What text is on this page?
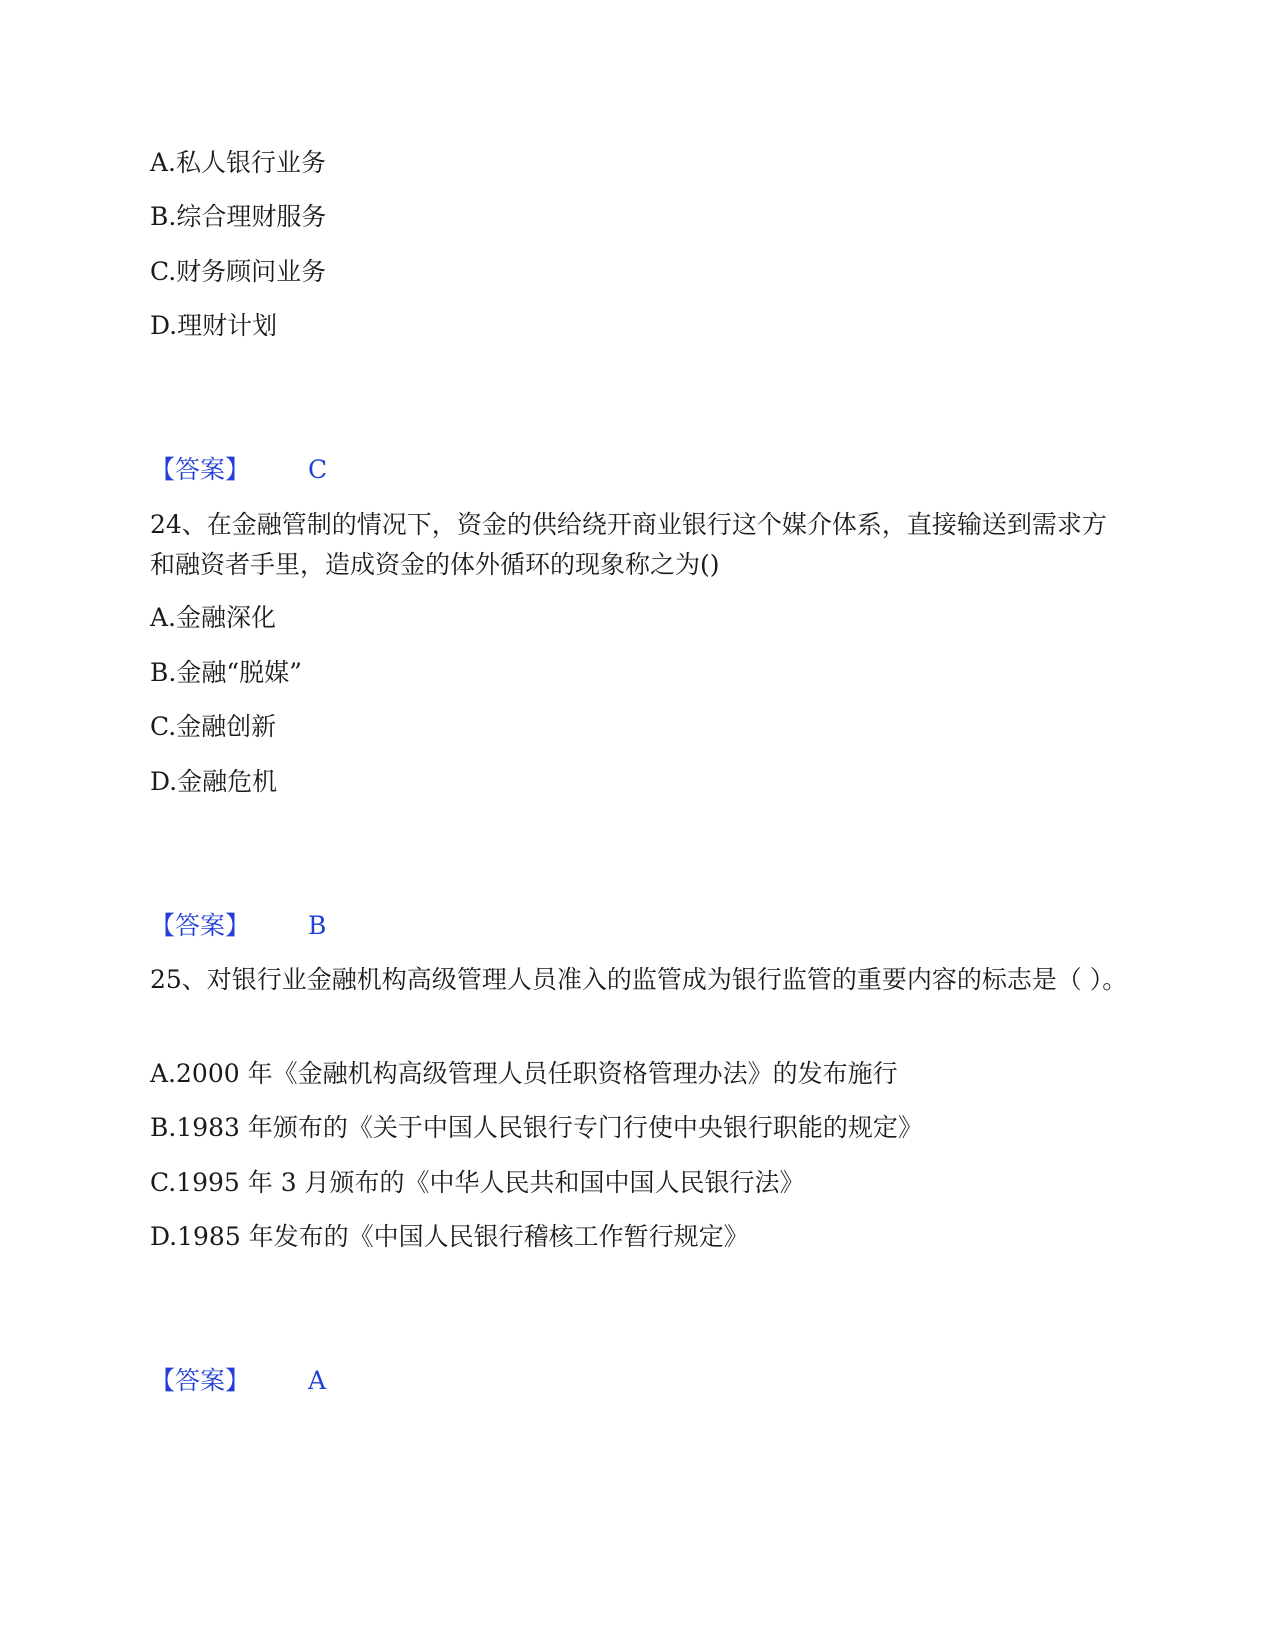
A.私人银行业务
B.综合理财服务
C.财务顾问业务
D.理财计划
【答案】 C
24、在金融管制的情况下，资金的供给绕开商业银行这个媒介体系，直接输送到需求方和融资者手里，造成资金的体外循环的现象称之为()
A.金融深化
B.金融“脱媒”
C.金融创新
D.金融危机
【答案】 B
25、对银行业金融机构高级管理人员准入的监管成为银行监管的重要内容的标志是（ ）。
A.2000 年《金融机构高级管理人员任职资格管理办法》的发布施行
B.1983 年颁布的《关于中国人民银行专门行使中央银行职能的规定》
C.1995 年 3 月颁布的《中华人民共和国中国人民银行法》
D.1985 年发布的《中国人民银行稽核工作暂行规定》
【答案】 A
